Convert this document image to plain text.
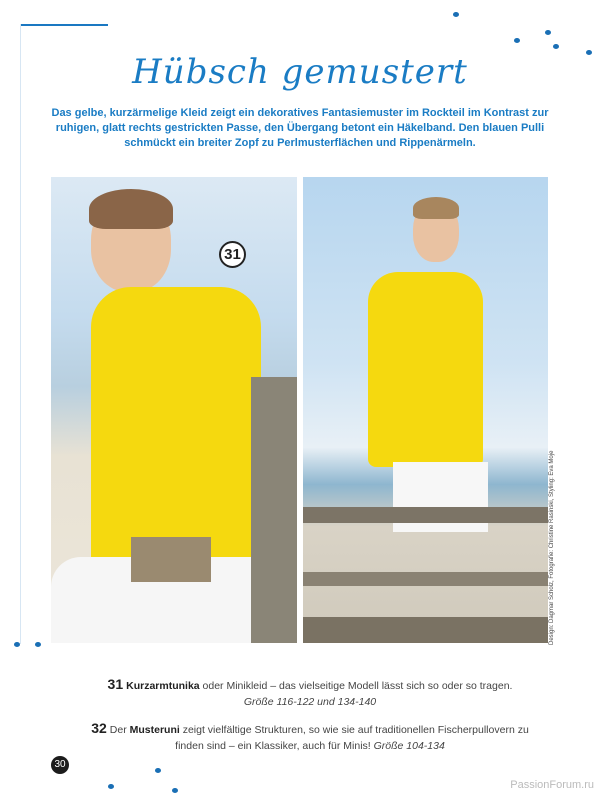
Hübsch gemustert

Das gelbe, kurzärmelige Kleid zeigt ein dekoratives Fantasiemuster im Rockteil im Kontrast zur ruhigen, glatt rechts gestrickten Passe, den Übergang betont ein Häkelband. Den blauen Pulli schmückt ein breiter Zopf zu Perlmusterflächen und Rippenärmeln.

31
Design: Dagmar Scholz, Fotografie: Christine Rasinski, Styling: Eva Moje

31 Kurzarmtunika oder Minikleid – das vielseitige Modell lässt sich so oder so tragen.
Größe 116-122 und 134-140

32 Der Musteruni zeigt vielfältige Strukturen, so wie sie auf traditionellen Fischerpullovern zu finden sind – ein Klassiker, auch für Minis! Größe 104-134

30
PassionForum.ru
